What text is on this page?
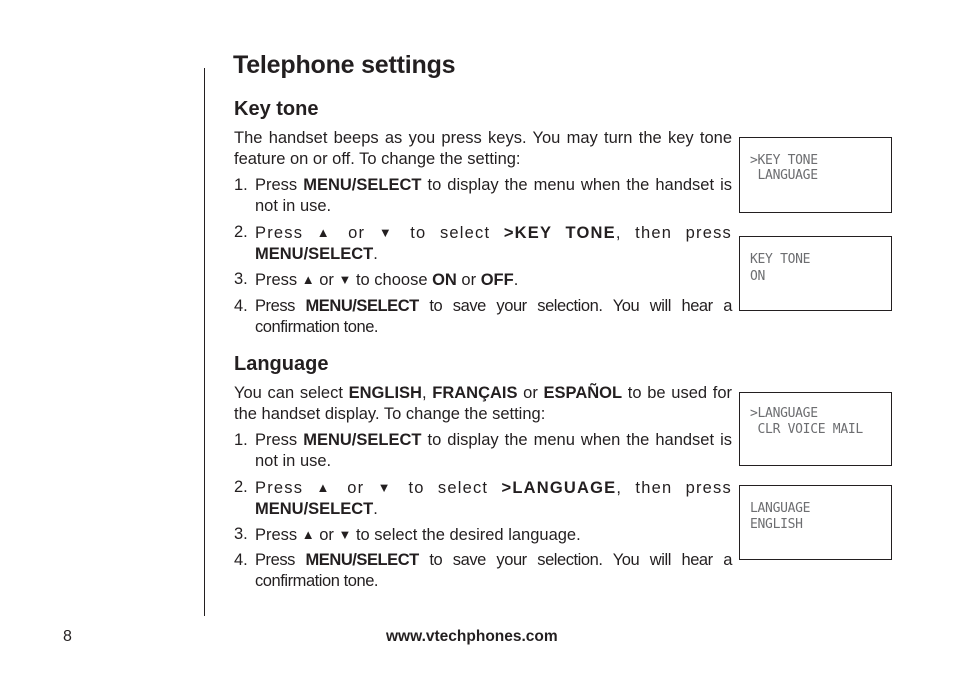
Telephone settings
Key tone

The handset beeps as you press keys. You may turn the key tone feature on or off. To change the setting:

1. Press MENU/SELECT to display the menu when the handset is not in use.
2. Press ▲ or ▼ to select >KEY TONE, then press MENU/SELECT.
3. Press ▲ or ▼ to choose ON or OFF.
4. Press MENU/SELECT to save your selection. You will hear a confirmation tone.
>KEY TONE
LANGUAGE
KEY TONE
ON
Language

You can select ENGLISH, FRANÇAIS or ESPAÑOL to be used for the handset display. To change the setting:

1. Press MENU/SELECT to display the menu when the handset is not in use.
2. Press ▲ or ▼ to select >LANGUAGE, then press MENU/SELECT.
3. Press ▲ or ▼ to select the desired language.
4. Press MENU/SELECT to save your selection. You will hear a confirmation tone.
>LANGUAGE
CLR VOICE MAIL
LANGUAGE
ENGLISH
8	www.vtechphones.com
